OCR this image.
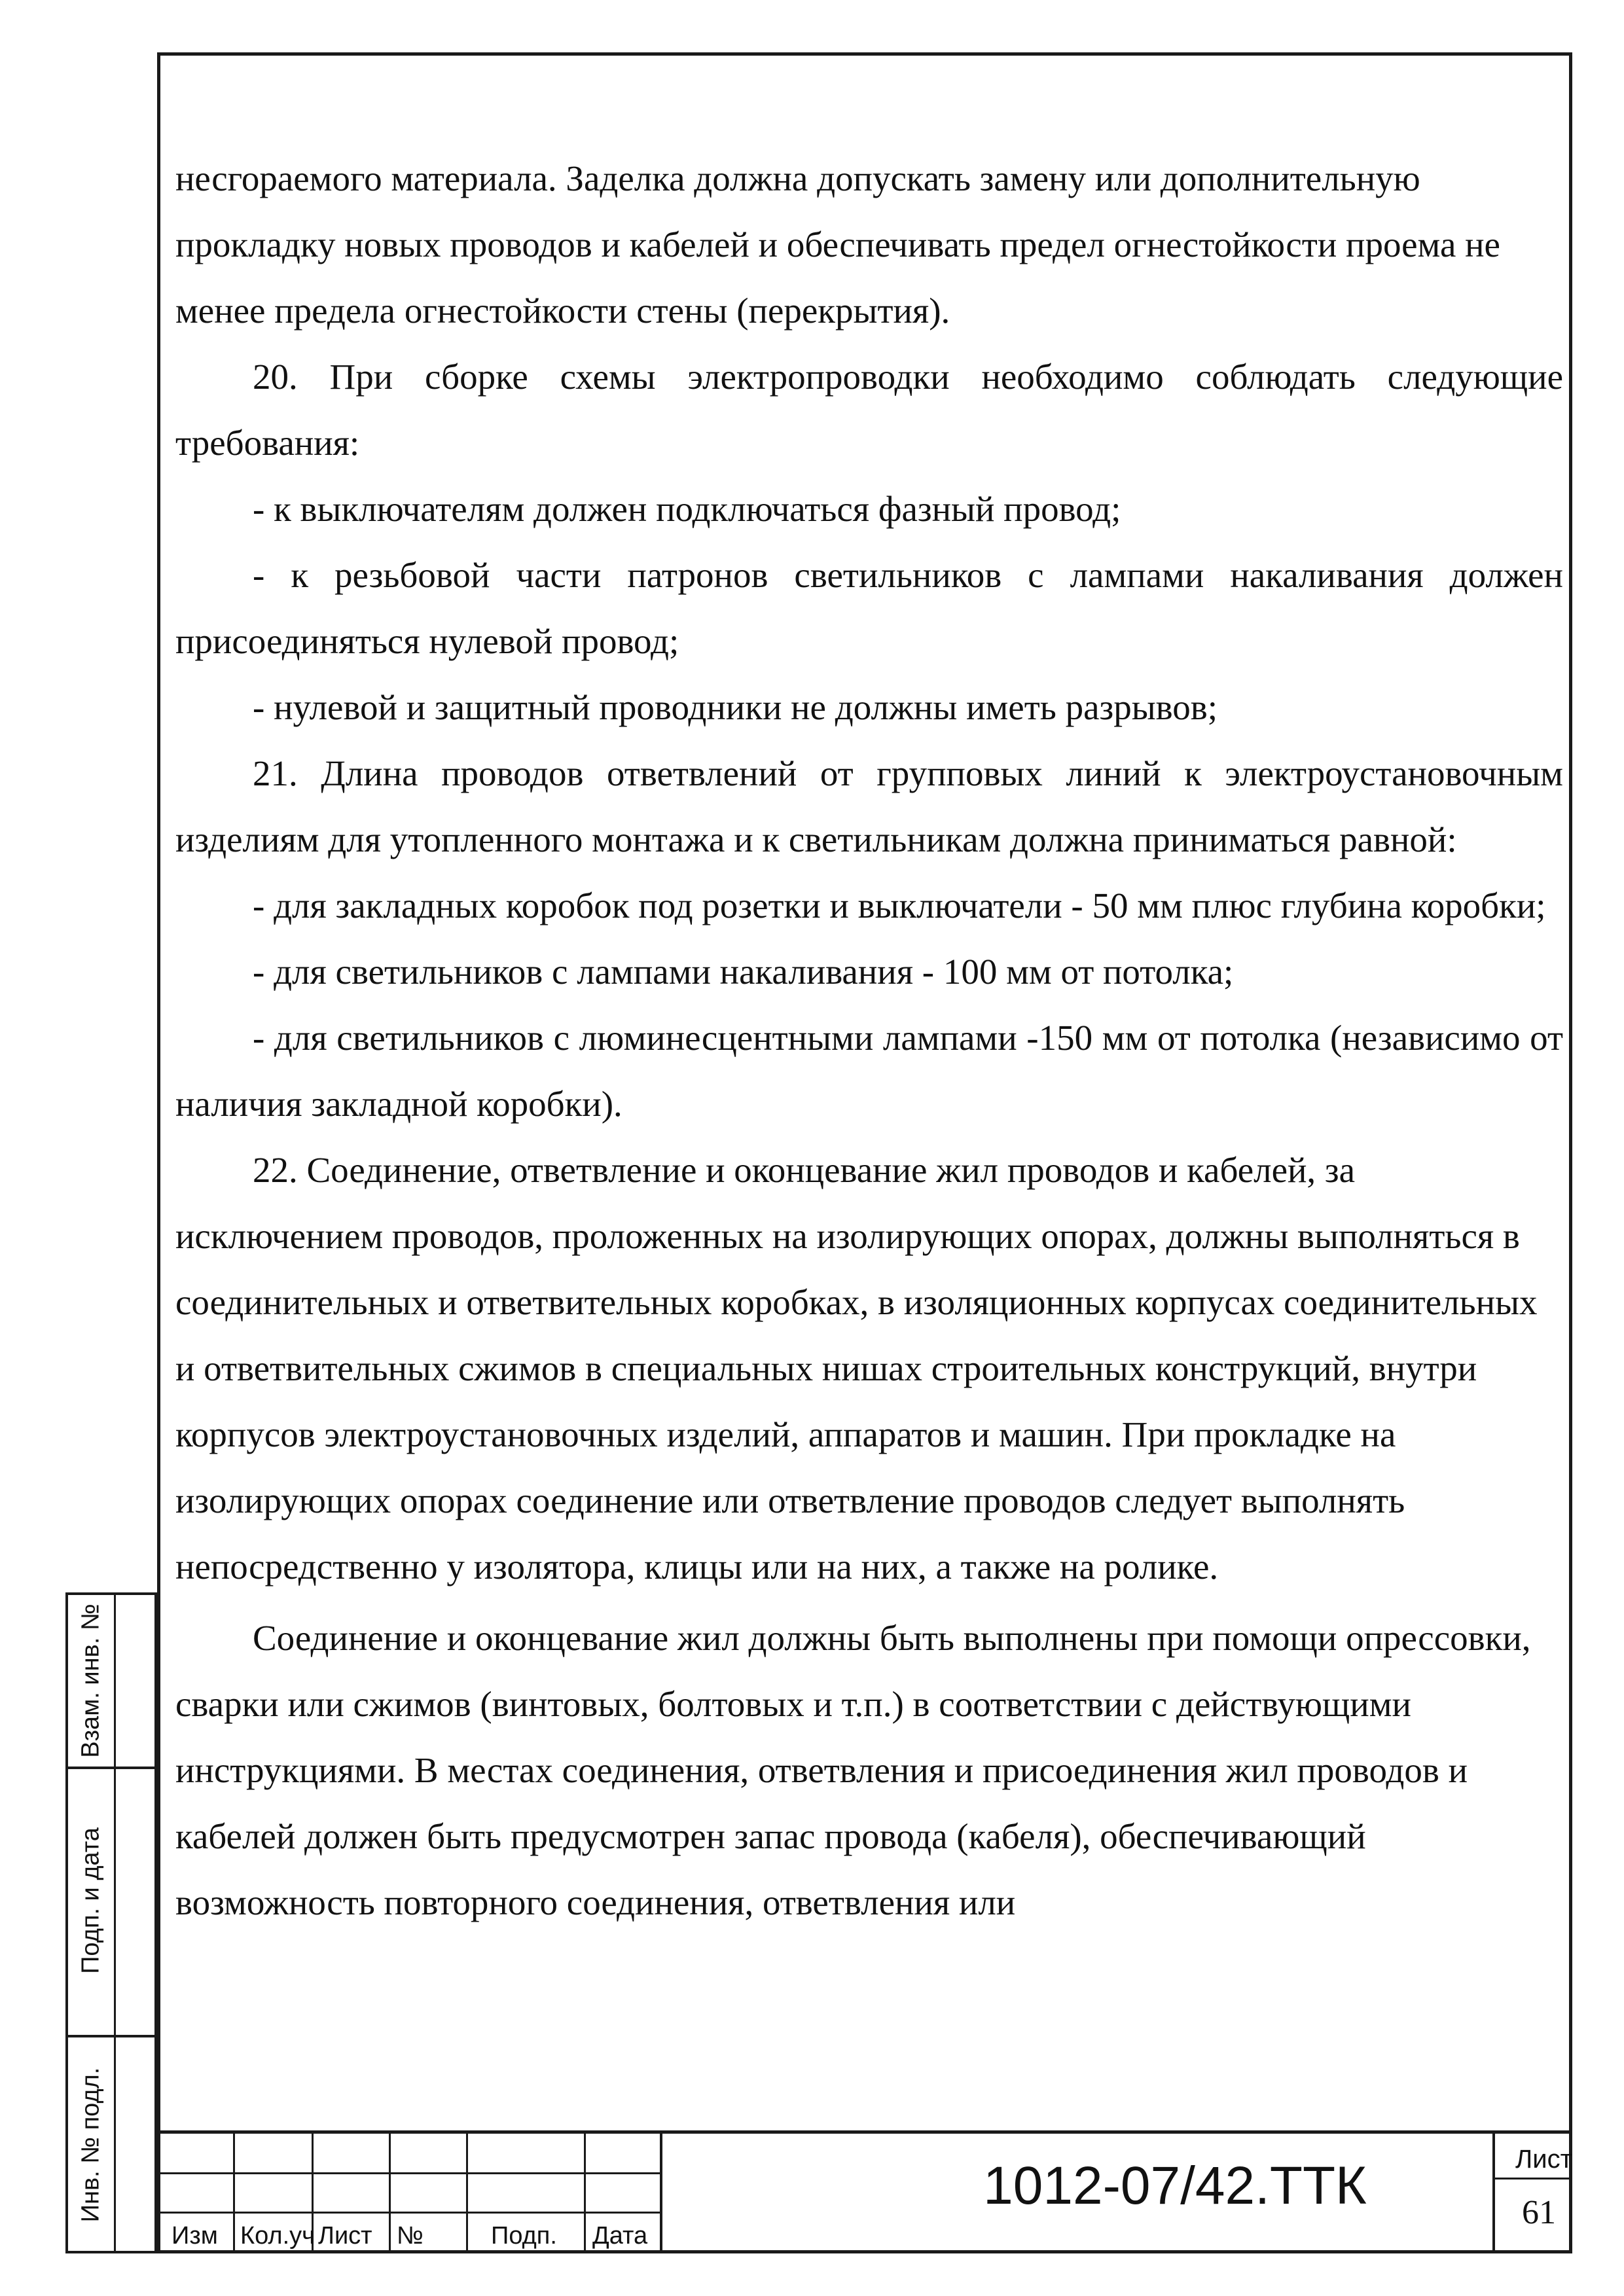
несгораемого материала. Заделка должна допускать замену или дополнительную прокладку новых проводов и кабелей и обеспечивать предел огнестойкости проема не менее предела огнестойкости стены (перекрытия).

20. При сборке схемы электропроводки необходимо соблюдать следующие требования:

- к выключателям должен подключаться фазный провод;

- к резьбовой части патронов светильников с лампами накаливания должен присоединяться нулевой провод;

- нулевой и защитный проводники не должны иметь разрывов;

21. Длина проводов ответвлений от групповых линий к электроустановочным изделиям для утопленного монтажа и к светильникам должна приниматься равной:

- для закладных коробок под розетки и выключатели - 50 мм плюс глубина коробки;

- для светильников с лампами накаливания - 100 мм от потолка;

- для светильников с люминесцентными лампами -150 мм от потолка (независимо от наличия закладной коробки).

22. Соединение, ответвление и оконцевание жил проводов и кабелей, за исключением проводов, проложенных на изолирующих опорах, должны выполняться в соединительных и ответвительных коробках, в изоляционных корпусах соединительных и ответвительных сжимов в специальных нишах строительных конструкций, внутри корпусов электроустановочных изделий, аппаратов и машин. При прокладке на изолирующих опорах соединение или ответвление проводов следует выполнять непосредственно у изолятора, клицы или на них, а также на ролике.

Соединение и оконцевание жил должны быть выполнены при помощи опрессовки, сварки или сжимов (винтовых, болтовых и т.п.) в соответствии с действующими инструкциями. В местах соединения, ответвления и присоединения жил проводов и кабелей должен быть предусмотрен запас провода (кабеля), обеспечивающий возможность повторного соединения, ответвления или

Взам. инв. №
Подп. и дата
Инв. № подл.
Изм Кол.уч Лист №	Подп. Дата
1012-07/42.ТТК	Лист
61
